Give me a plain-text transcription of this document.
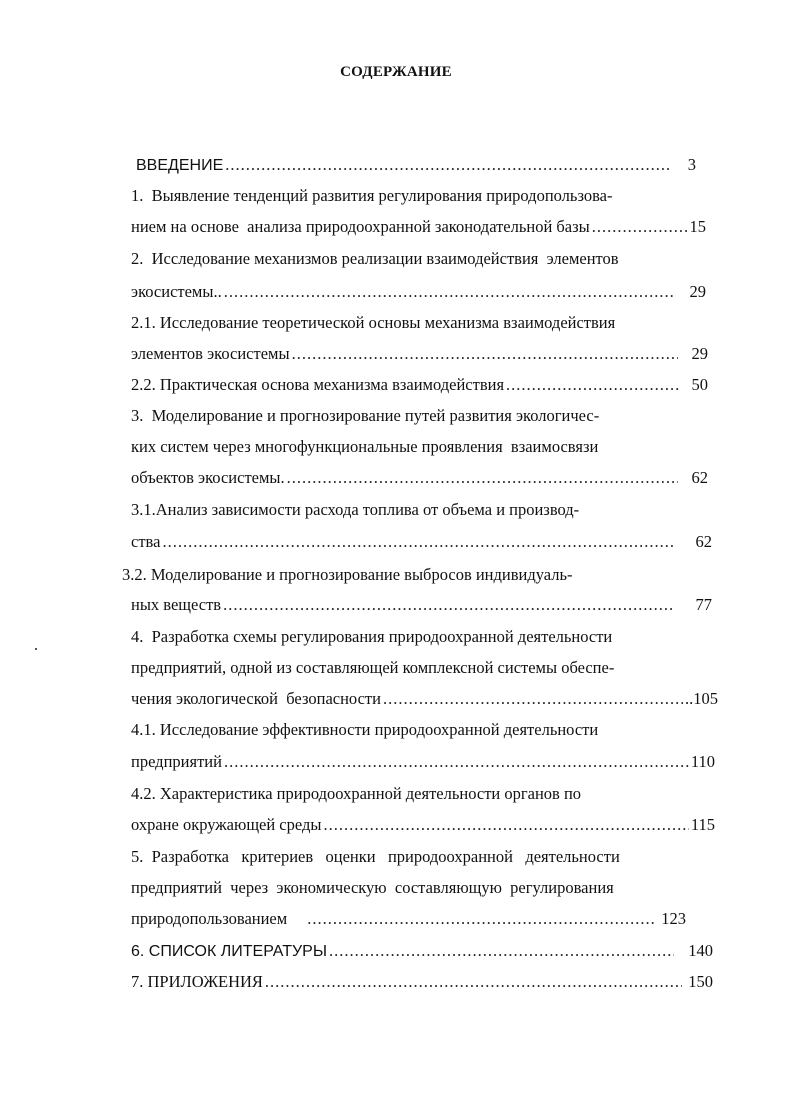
СОДЕРЖАНИЕ
ВВЕДЕНИЕ .....	3
1.  Выявление тенденций развития регулирования природопользова-
нием на основе  анализа природоохранной законодательной базы .....	15
2.  Исследование механизмов реализации взаимодействия  элементов
экосистемы.. .....	29
2.1. Исследование теоретической основы механизма взаимодействия
элементов экосистемы .....	29
2.2. Практическая основа механизма взаимодействия .....	50
3.  Моделирование и прогнозирование путей развития экологичес-
ких систем через многофункциональные проявления  взаимосвязи
объектов экосистемы. .....	62
3.1.Анализ зависимости расхода топлива от объема и производ-
ства .....	62
3.2. Моделирование и прогнозирование выбросов индивидуаль-
ных веществ .....	77
4.  Разработка схемы регулирования природоохранной деятельности
предприятий, одной из составляющей комплексной системы обеспе-
чения экологической  безопасности .....	..105
4.1. Исследование эффективности природоохранной деятельности
предприятий .....	110
4.2. Характеристика природоохранной деятельности органов по
охране окружающей среды .....	115
5.  Разработка   критериев   оценки   природоохранной   деятельности
предприятий  через  экономическую  составляющую  регулирования
природопользованием .....	123
6. СПИСОК ЛИТЕРАТУРЫ .....	140
7. ПРИЛОЖЕНИЯ .....	150
